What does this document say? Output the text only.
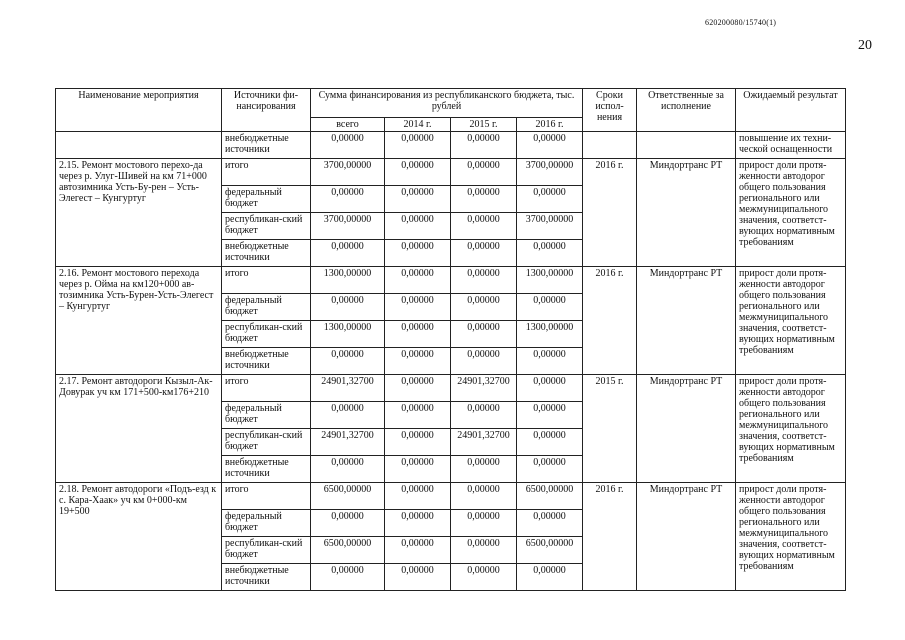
620200080/15740(1)
20
Наименование мероприятия	Источники фи-нансирования	Сумма финансирования из республиканского бюджета, тыс. рублей				Сроки испол-нения	Ответственные за исполнение	Ожидаемый результат
		всего	2014 г.	2015 г.	2016 г.			
	внебюджетные источники	0,00000	0,00000	0,00000	0,00000			повышение их техни-ческой оснащенности
2.15. Ремонт мостового перехо-да через р. Улуг-Шивей на км 71+000 автозимника Усть-Бу-рен – Усть-Элегест – Кунгуртуг	итого	3700,00000	0,00000	0,00000	3700,00000	2016 г.	Миндортранс РТ	прирост доли протя-женности автодорог общего пользования регионального или межмуниципального значения, соответст-вующих нормативным требованиям
	федеральный бюджет	0,00000	0,00000	0,00000	0,00000			
	республикан-ский бюджет	3700,00000	0,00000	0,00000	3700,00000			
	внебюджетные источники	0,00000	0,00000	0,00000	0,00000			
2.16. Ремонт мостового перехода через р. Ойма на км120+000 ав-тозимника Усть-Бурен-Усть-Элегест – Кунгуртуг	итого	1300,00000	0,00000	0,00000	1300,00000	2016 г.	Миндортранс РТ	прирост доли протя-женности автодорог общего пользования регионального или межмуниципального значения, соответст-вующих нормативным требованиям
	федеральный бюджет	0,00000	0,00000	0,00000	0,00000			
	республикан-ский бюджет	1300,00000	0,00000	0,00000	1300,00000			
	внебюджетные источники	0,00000	0,00000	0,00000	0,00000			
2.17. Ремонт автодороги Кызыл-Ак-Довурак уч км 171+500-км176+210	итого	24901,32700	0,00000	24901,32700	0,00000	2015 г.	Миндортранс РТ	прирост доли протя-женности автодорог общего пользования регионального или межмуниципального значения, соответст-вующих нормативным требованиям
	федеральный бюджет	0,00000	0,00000	0,00000	0,00000			
	республикан-ский бюджет	24901,32700	0,00000	24901,32700	0,00000			
	внебюджетные источники	0,00000	0,00000	0,00000	0,00000			
2.18. Ремонт автодороги «Подъ-езд к с. Кара-Хаак» уч км 0+000-км 19+500	итого	6500,00000	0,00000	0,00000	6500,00000	2016 г.	Миндортранс РТ	прирост доли протя-женности автодорог общего пользования регионального или межмуниципального значения, соответст-вующих нормативным требованиям
	федеральный бюджет	0,00000	0,00000	0,00000	0,00000			
	республикан-ский бюджет	6500,00000	0,00000	0,00000	6500,00000			
	внебюджетные источники	0,00000	0,00000	0,00000	0,00000			
